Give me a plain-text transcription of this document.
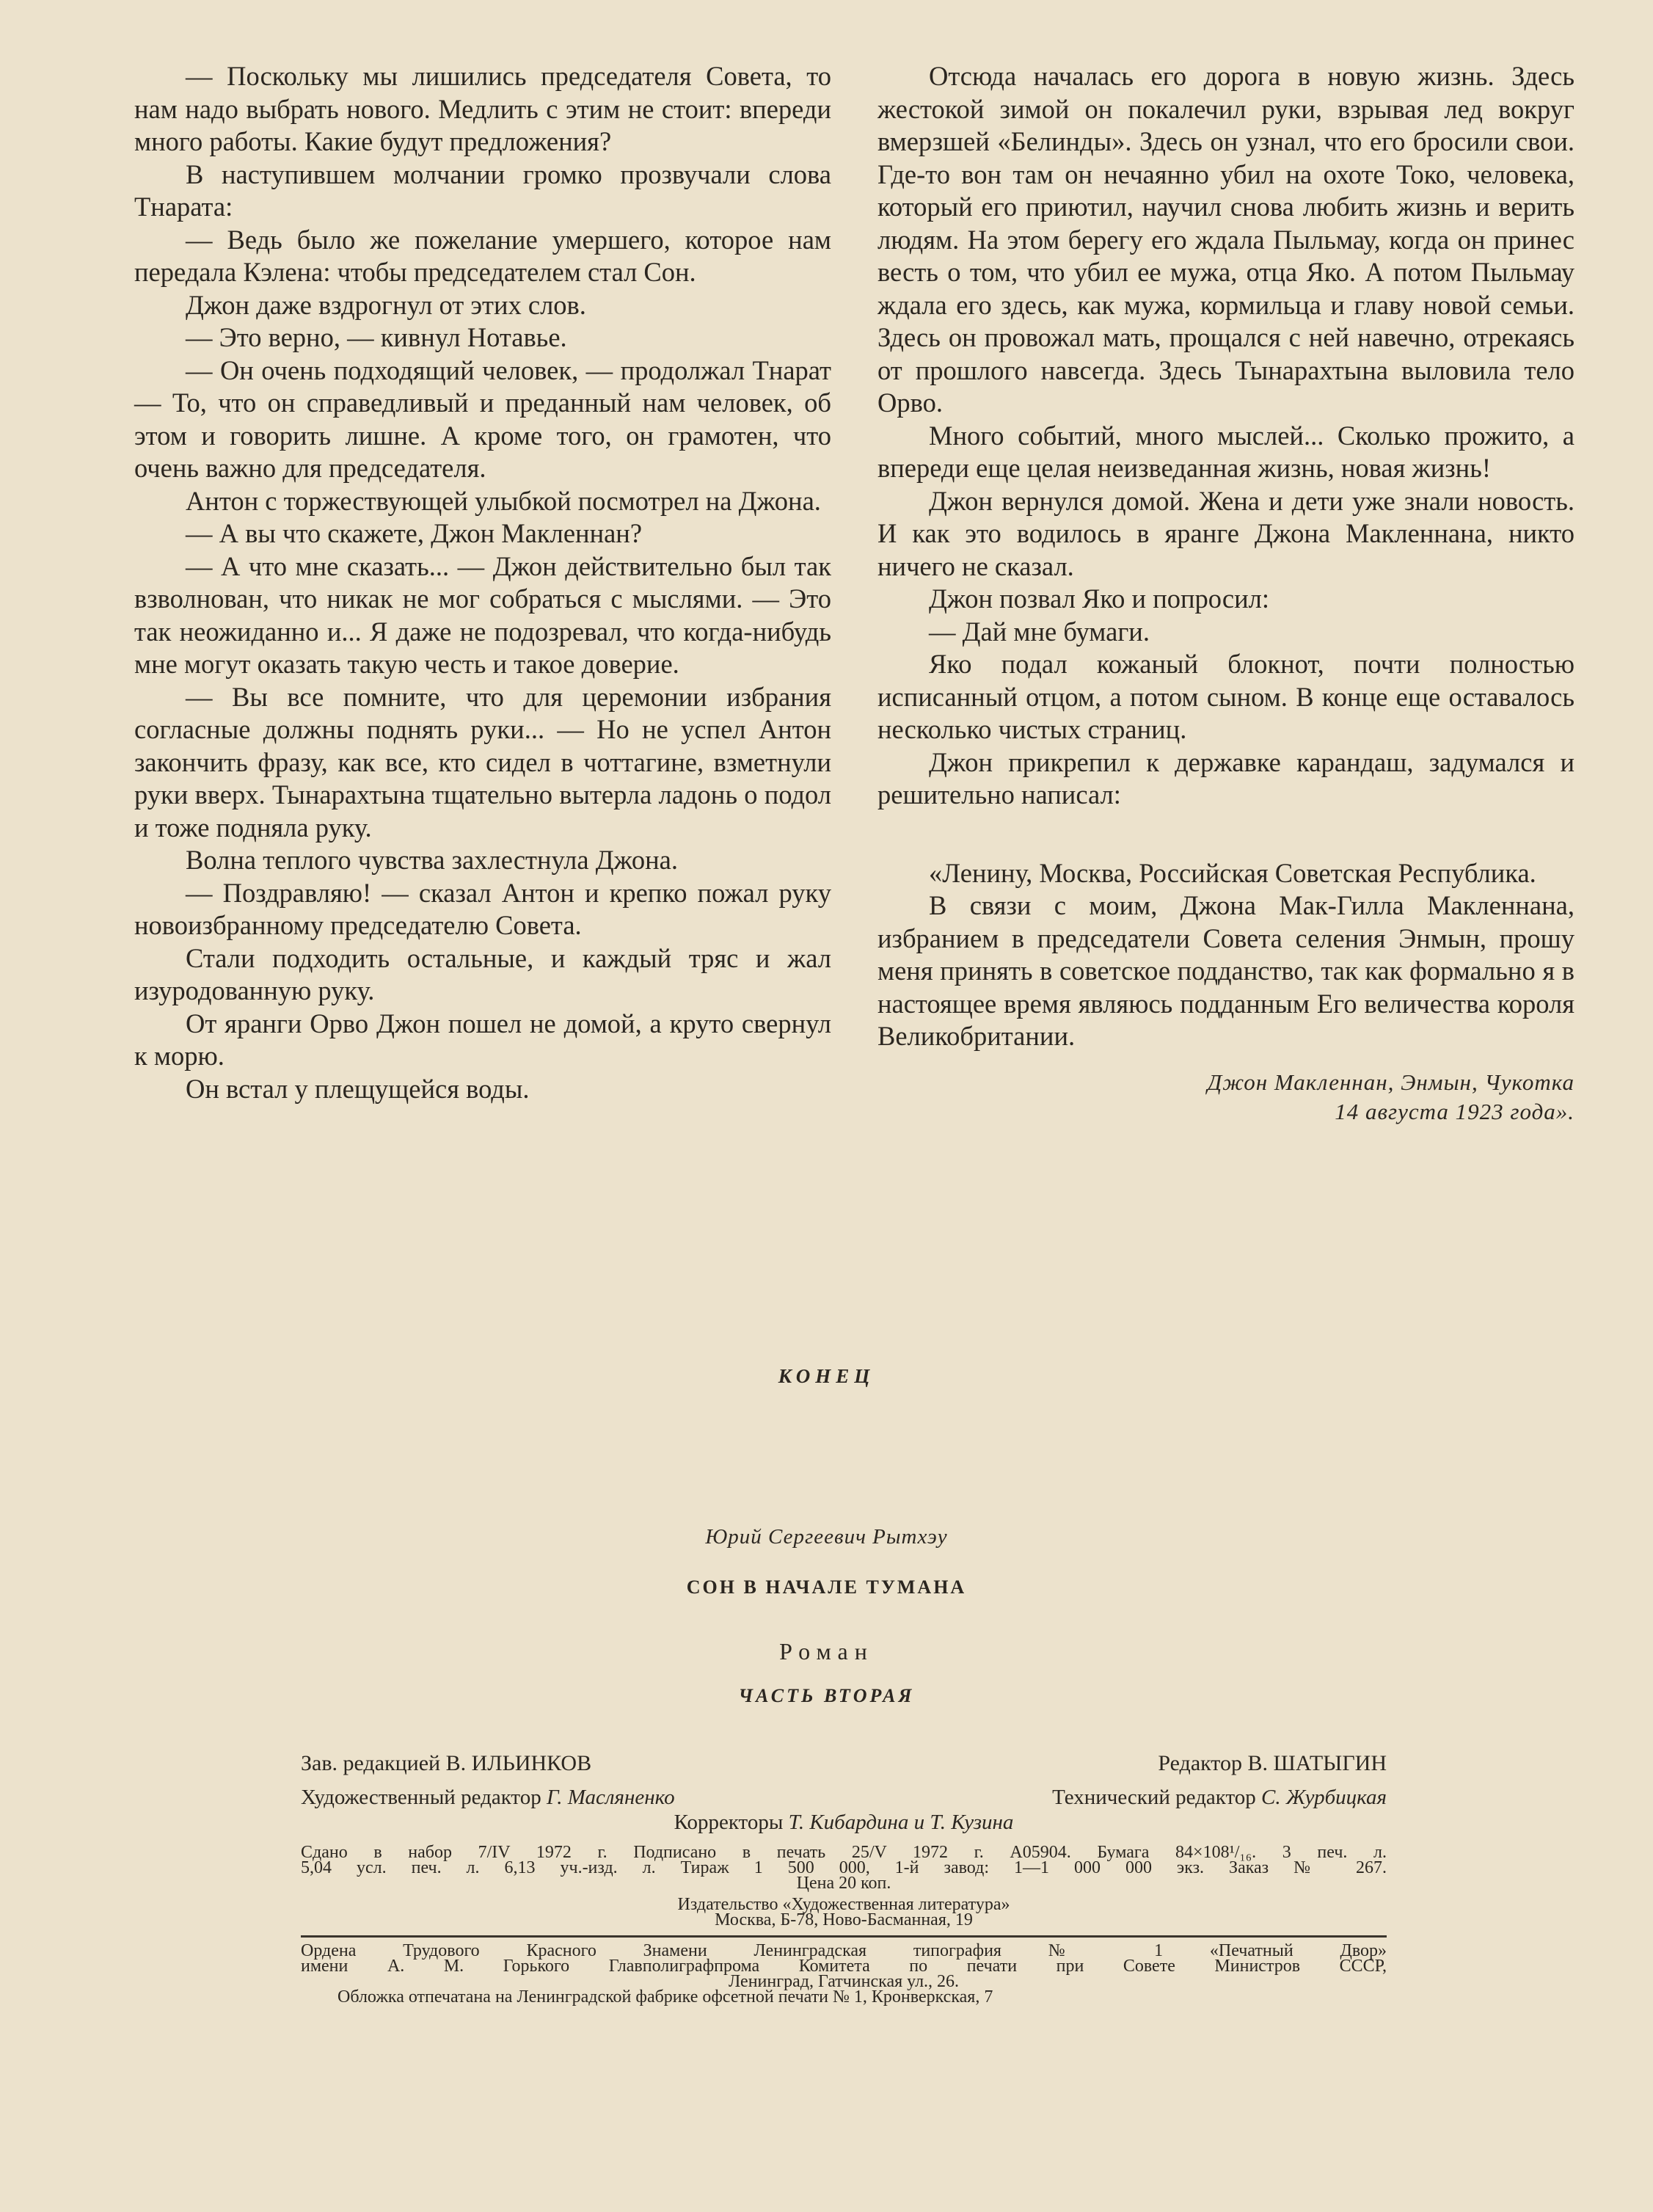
— Поскольку мы лишились председателя Совета, то нам надо выбрать нового. Медлить с этим не стоит: впереди много работы. Какие будут предложения?

В наступившем молчании громко прозвучали слова Тнарата:

— Ведь было же пожелание умершего, которое нам передала Кэлена: чтобы председателем стал Сон.

Джон даже вздрогнул от этих слов.

— Это верно, — кивнул Нотавье.

— Он очень подходящий человек, — продолжал Тнарат — То, что он справедливый и преданный нам человек, об этом и говорить лишне. А кроме того, он грамотен, что очень важно для председателя.

Антон с торжествующей улыбкой посмотрел на Джона.

— А вы что скажете, Джон Макленнан?

— А что мне сказать... — Джон действительно был так взволнован, что никак не мог собраться с мыслями. — Это так неожиданно и... Я даже не подозревал, что когда-нибудь мне могут оказать такую честь и такое доверие.

— Вы все помните, что для церемонии избрания согласные должны поднять руки... — Но не успел Антон закончить фразу, как все, кто сидел в чоттагине, взметнули руки вверх. Тынарахтына тщательно вытерла ладонь о подол и тоже подняла руку.

Волна теплого чувства захлестнула Джона.

— Поздравляю! — сказал Антон и крепко пожал руку новоизбранному председателю Совета.

Стали подходить остальные, и каждый тряс и жал изуродованную руку.

От яранги Орво Джон пошел не домой, а круто свернул к морю.

Он встал у плещущейся воды.

Отсюда началась его дорога в новую жизнь. Здесь жестокой зимой он покалечил руки, взрывая лед вокруг вмерзшей «Белинды». Здесь он узнал, что его бросили свои. Где-то вон там он нечаянно убил на охоте Токо, человека, который его приютил, научил снова любить жизнь и верить людям. На этом берегу его ждала Пыльмау, когда он принес весть о том, что убил ее мужа, отца Яко. А потом Пыльмау ждала его здесь, как мужа, кормильца и главу новой семьи. Здесь он провожал мать, прощался с ней навечно, отрекаясь от прошлого навсегда. Здесь Тынарахтына выловила тело Орво.

Много событий, много мыслей... Сколько прожито, а впереди еще целая неизведанная жизнь, новая жизнь!

Джон вернулся домой. Жена и дети уже знали новость. И как это водилось в яранге Джона Макленнана, никто ничего не сказал.

Джон позвал Яко и попросил:

— Дай мне бумаги.

Яко подал кожаный блокнот, почти полностью исписанный отцом, а потом сыном. В конце еще оставалось несколько чистых страниц.

Джон прикрепил к державке карандаш, задумался и решительно написал:

«Ленину, Москва, Российская Советская Республика.

В связи с моим, Джона Мак-Гилла Макленнана, избранием в председатели Совета селения Энмын, прошу меня принять в советское подданство, так как формально я в настоящее время являюсь подданным Его величества короля Великобритании.

Джон Макленнан, Энмын, Чукотка
14 августа 1923 года».
КОНЕЦ
Юрий Сергеевич Рытхэу
СОН В НАЧАЛЕ ТУМАНА
Роман
ЧАСТЬ ВТОРАЯ
Зав. редакцией В. ИЛЬИНКОВ	Редактор В. ШАТЫГИН
Художественный редактор Г. Масляненко	Технический редактор С. Журбицкая
Корректоры Т. Кибардина и Т. Кузина
Сдано в набор 7/IV 1972 г. Подписано в печать 25/V 1972 г. А05904. Бумага 84×108¹/₁₆. 3 печ. л.
5,04 усл. печ. л. 6,13 уч.-изд. л. Тираж 1 500 000, 1-й завод: 1—1 000 000 экз. Заказ № 267.
Цена 20 коп.
Издательство «Художественная литература»
Москва, Б-78, Ново-Басманная, 19
Ордена Трудового Красного Знамени Ленинградская типография № 1 «Печатный Двор»
имени А. М. Горького Главполиграфпрома Комитета по печати при Совете Министров СССР,
Ленинград, Гатчинская ул., 26.
Обложка отпечатана на Ленинградской фабрике офсетной печати № 1, Кронверкская, 7
